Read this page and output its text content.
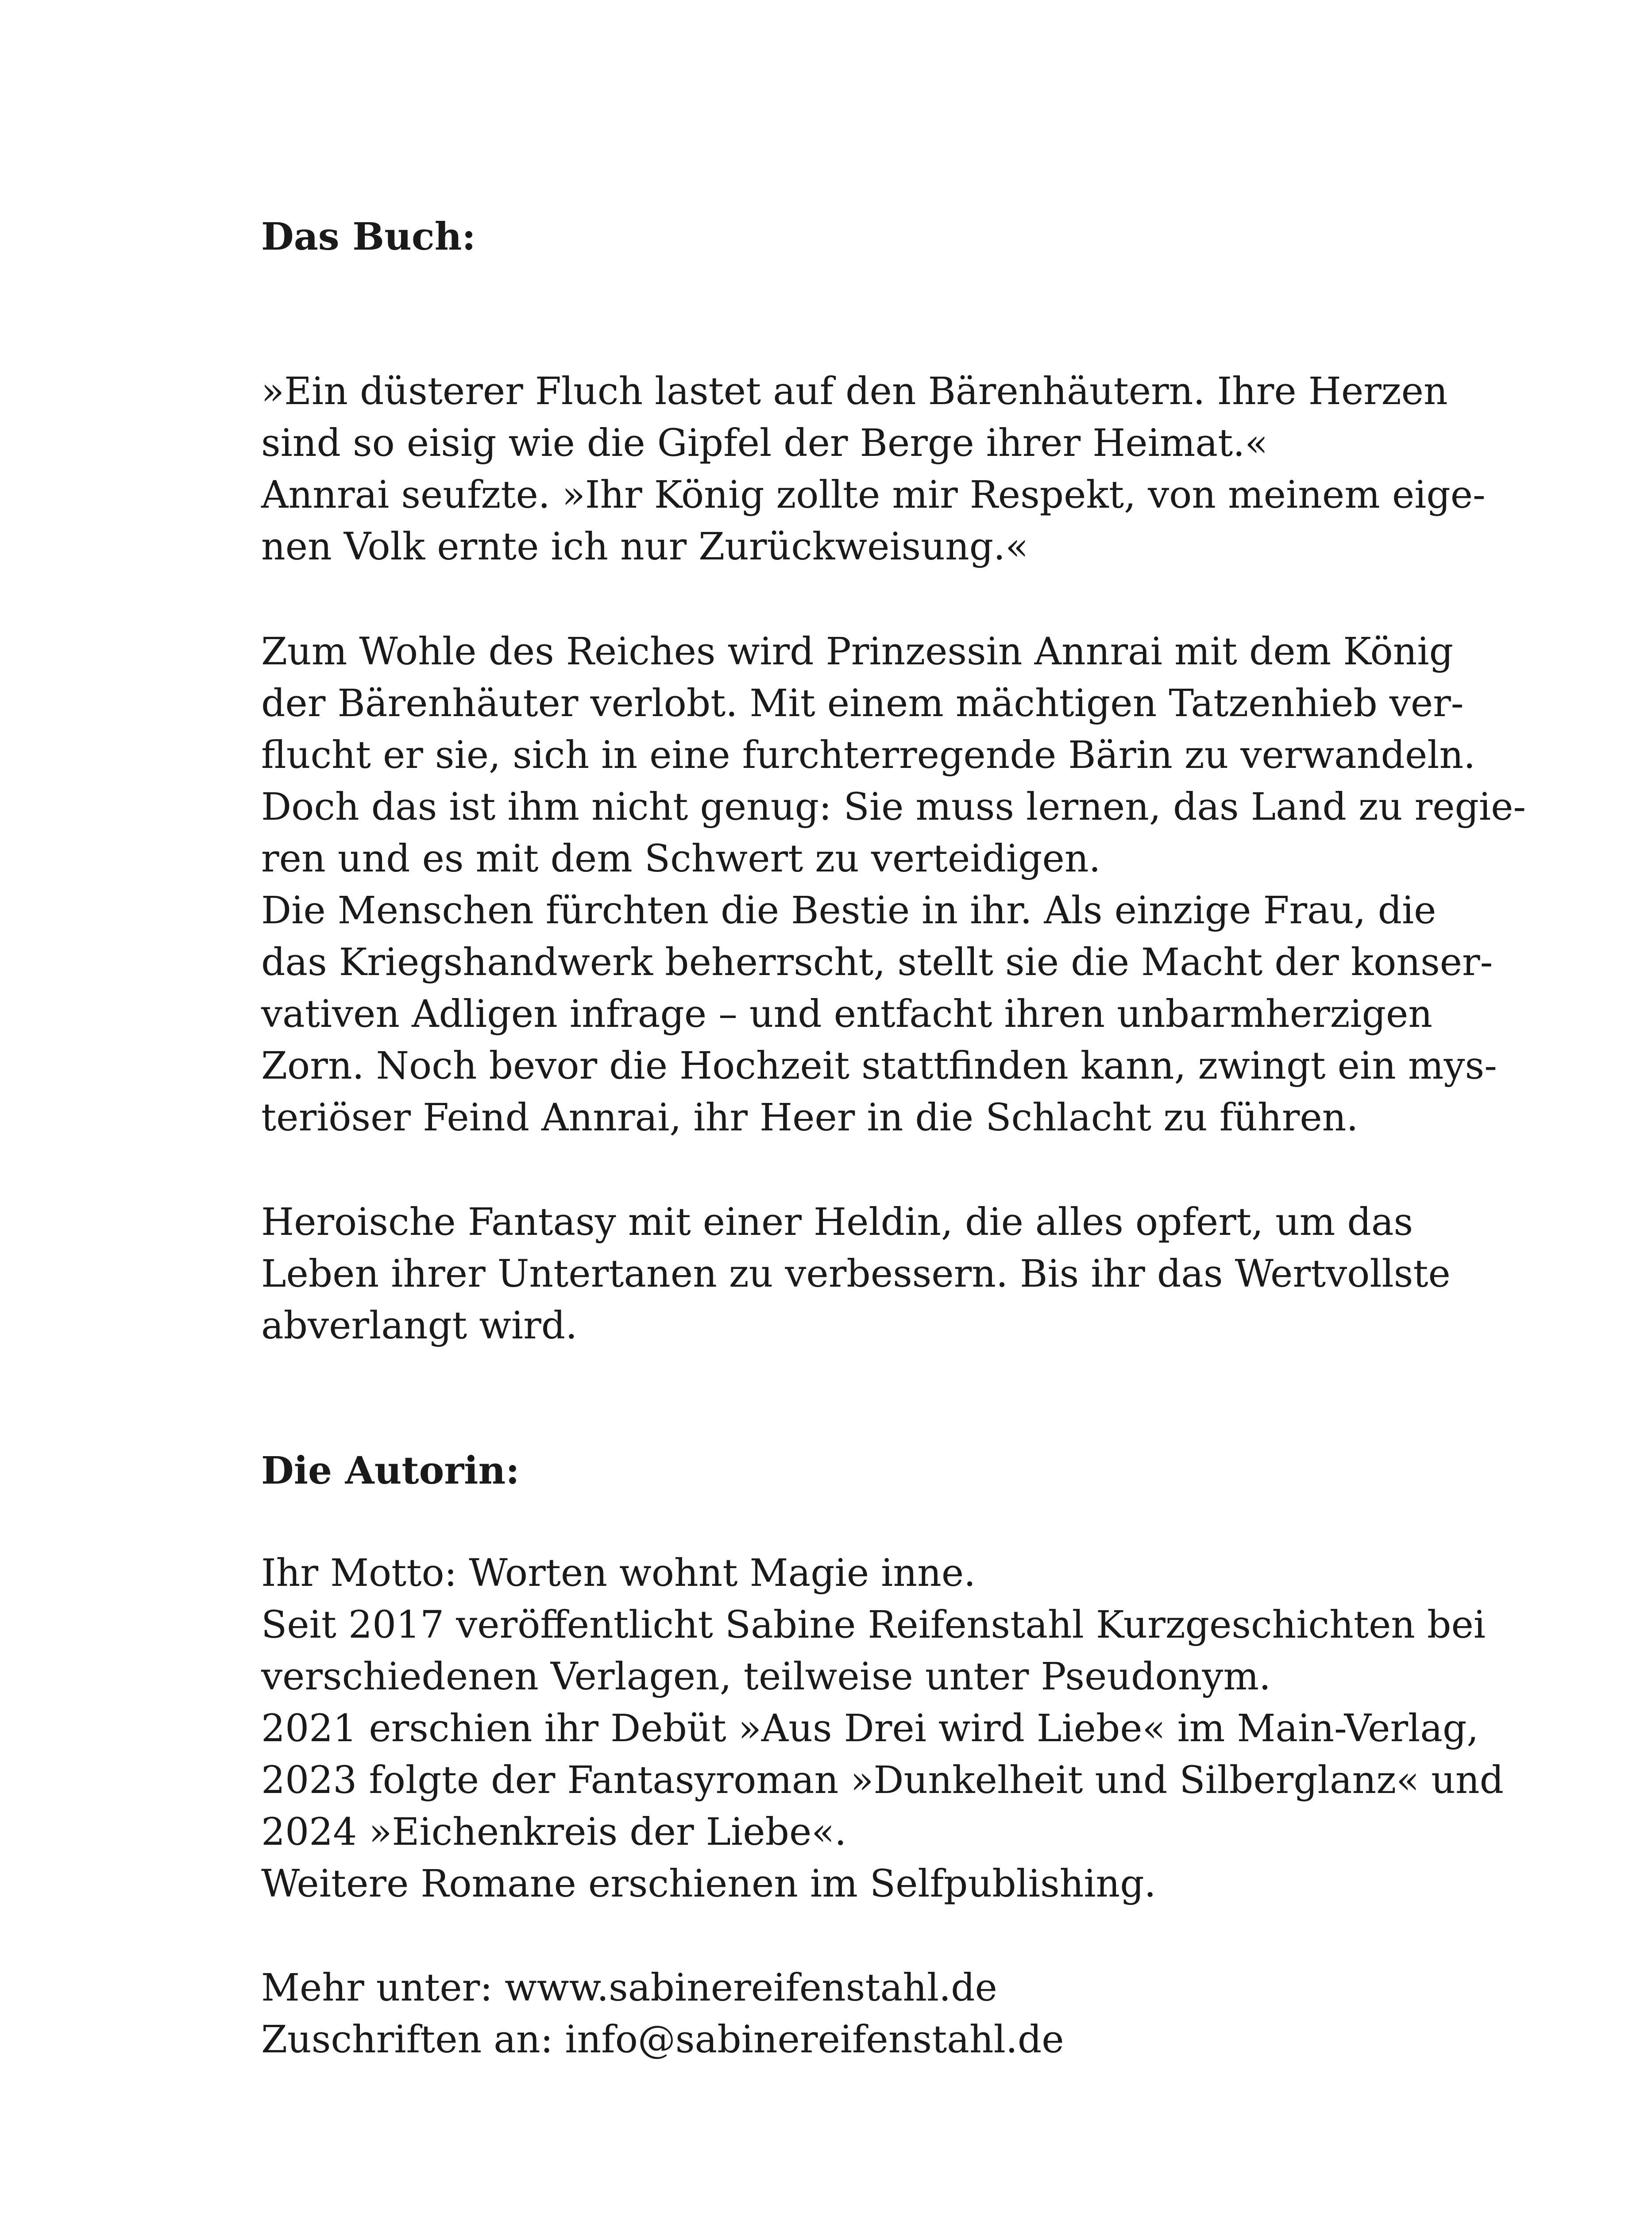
Das Buch:
»Ein düsterer Fluch lastet auf den Bärenhäutern. Ihre Herzen
sind so eisig wie die Gipfel der Berge ihrer Heimat.«
Annrai seufzte. »Ihr König zollte mir Respekt, von meinem eige-
nen Volk ernte ich nur Zurückweisung.«
Zum Wohle des Reiches wird Prinzessin Annrai mit dem König
der Bärenhäuter verlobt. Mit einem mächtigen Tatzenhieb ver-
flucht er sie, sich in eine furchterregende Bärin zu verwandeln.
Doch das ist ihm nicht genug: Sie muss lernen, das Land zu regie-
ren und es mit dem Schwert zu verteidigen.
Die Menschen fürchten die Bestie in ihr. Als einzige Frau, die
das Kriegshandwerk beherrscht, stellt sie die Macht der konser-
vativen Adligen infrage – und entfacht ihren unbarmherzigen
Zorn. Noch bevor die Hochzeit stattfinden kann, zwingt ein mys-
teriöser Feind Annrai, ihr Heer in die Schlacht zu führen.
Heroische Fantasy mit einer Heldin, die alles opfert, um das
Leben ihrer Untertanen zu verbessern. Bis ihr das Wertvollste
abverlangt wird.
Die Autorin:
Ihr Motto: Worten wohnt Magie inne.
Seit 2017 veröffentlicht Sabine Reifenstahl Kurzgeschichten bei
verschiedenen Verlagen, teilweise unter Pseudonym.
2021 erschien ihr Debüt »Aus Drei wird Liebe« im Main-Verlag,
2023 folgte der Fantasyroman »Dunkelheit und Silberglanz« und
2024 »Eichenkreis der Liebe«.
Weitere Romane erschienen im Selfpublishing.
Mehr unter: www.sabinereifenstahl.de
Zuschriften an: info@sabinereifenstahl.de
